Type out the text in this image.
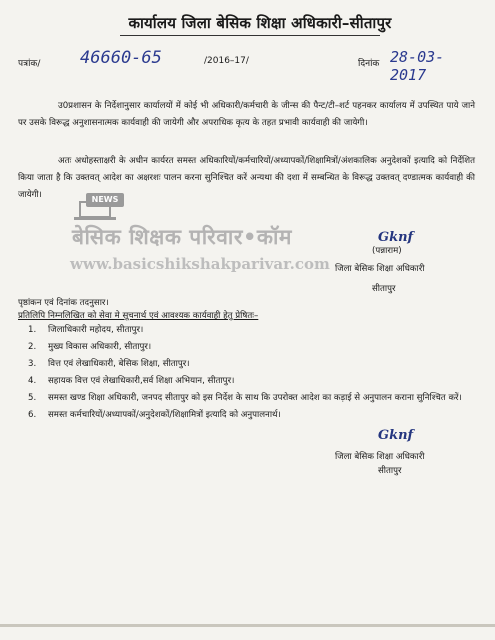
कार्यालय जिला बेसिक शिक्षा अधिकारी–सीतापुर
पत्रांक/ 46660-65	/2016–17/	दिनांक 28-03-2017

उ0प्रशासन के निर्देशानुसार कार्यालयों में कोई भी अधिकारी/कर्मचारी के जीन्स की पैन्ट/टी–शर्ट पहनकर कार्यालय में उपस्थित पाये जाने पर उसके विरूद्ध अनुशासनात्मक कार्यवाही की जायेगी और अपराधिक कृत्य के तहत प्रभावी कार्यवाही की जायेगी।

अतः अधोहस्ताक्षरी के अधीन कार्यरत समस्त अधिकारियों/कर्मचारियों/अध्यापकों/शिक्षामित्रों/अंशकालिक अनुदेशकों इत्यादि को निर्देशित किया जाता है कि उक्तवत् आदेश का अक्षरशः पालन करना सुनिश्चित करें अन्यथा की दशा में सम्बन्धित के विरूद्ध उक्तवत् दण्डात्मक कार्यवाही की जायेगी।	NEWS
बेसिक शिक्षक परिवार•कॉम
www.basicshikshakparivar.com
Gknf
(पन्नाराम)
जिला बेसिक शिक्षा अधिकारी
सीतापुर
पृष्ठांकन एवं दिनांक तदनुसार।
प्रतिलिपि निम्नलिखित को सेवा मे सूचनार्थ एवं आवश्यक कार्यवाही हेतु प्रेषितः–
1. जिलाधिकारी महोदय, सीतापुर।
2. मुख्य विकास अधिकारी, सीतापुर।
3. वित्त एवं लेखाधिकारी, बेसिक शिक्षा, सीतापुर।
4. सहायक वित्त एवं लेखाधिकारी,सर्व शिक्षा अभियान, सीतापुर।
5. समस्त खण्ड शिक्षा अधिकारी, जनपद सीतापुर को इस निर्देश के साथ कि उपरोक्त आदेश का कड़ाई से अनुपालन कराना सुनिश्चित करें।
6. समस्त कर्मचारियों/अध्यापकों/अनुदेशकों/शिक्षामित्रों इत्यादि को अनुपालनार्थ।
Gknf
जिला बेसिक शिक्षा अधिकारी
सीतापुर
